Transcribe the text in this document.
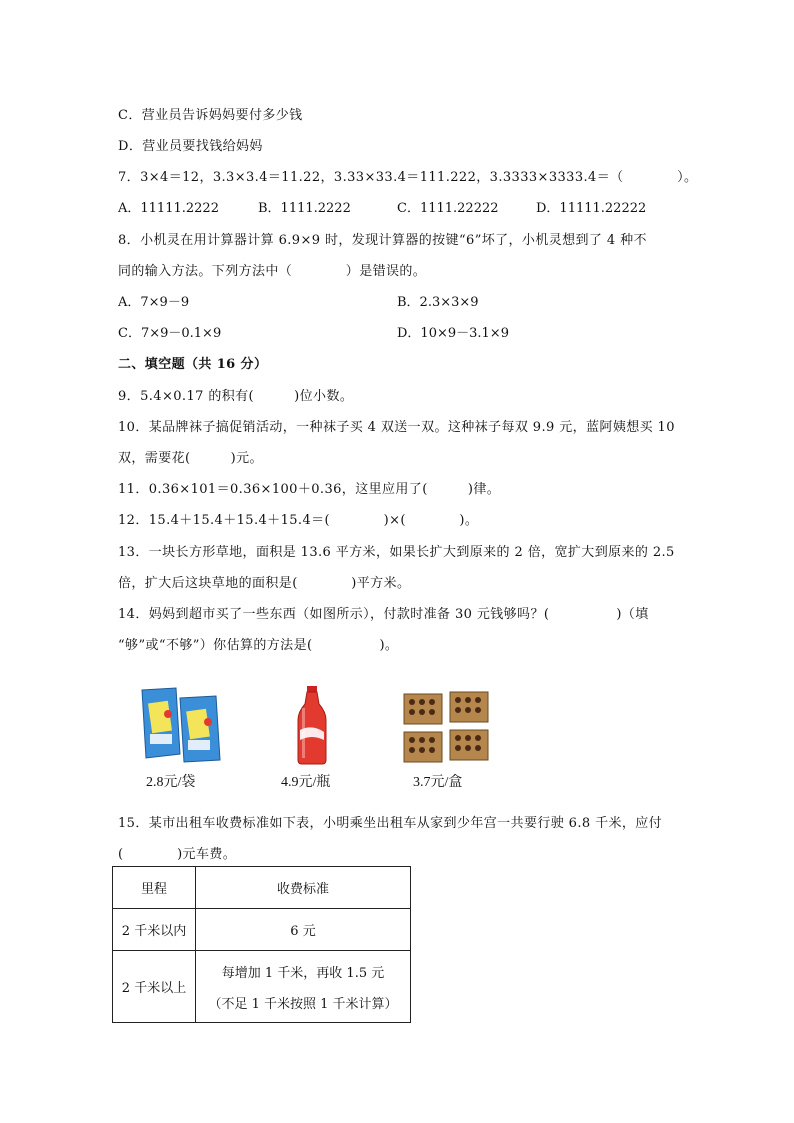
C．营业员告诉妈妈要付多少钱
D．营业员要找钱给妈妈
7．3×4＝12，3.3×3.4＝11.22，3.33×33.4＝111.222，3.3333×3333.4＝（　　　　）。
A．11111.2222	B．1111.2222	C．1111.22222	D．11111.22222
8．小机灵在用计算器计算 6.9×9 时，发现计算器的按键“6”坏了，小机灵想到了 4 种不
同的输入方法。下列方法中（　　　　）是错误的。
A．7×9－9	B．2.3×3×9
C．7×9－0.1×9	D．10×9－3.1×9
二、填空题（共 16 分）
9．5.4×0.17 的积有(　　　)位小数。
10．某品牌袜子搞促销活动，一种袜子买 4 双送一双。这种袜子每双 9.9 元，蓝阿姨想买 10
双，需要花(　　　)元。
11．0.36×101＝0.36×100＋0.36，这里应用了(　　　)律。
12．15.4＋15.4＋15.4＋15.4＝(　　　　)×(　　　　)。
13．一块长方形草地，面积是 13.6 平方米，如果长扩大到原来的 2 倍，宽扩大到原来的 2.5
倍，扩大后这块草地的面积是(　　　　)平方米。
14．妈妈到超市买了一些东西（如图所示），付款时准备 30 元钱够吗？(　　　　　)（填
“够”或“不够”）你估算的方法是(　　　　　)。
2.8元/袋	4.9元/瓶	3.7元/盒
15．某市出租车收费标准如下表，小明乘坐出租车从家到少年宫一共要行驶 6.8 千米，应付
(　　　　)元车费。
里程	收费标准
2 千米以内	6 元
2 千米以上	每增加 1 千米，再收 1.5 元
（不足 1 千米按照 1 千米计算）
